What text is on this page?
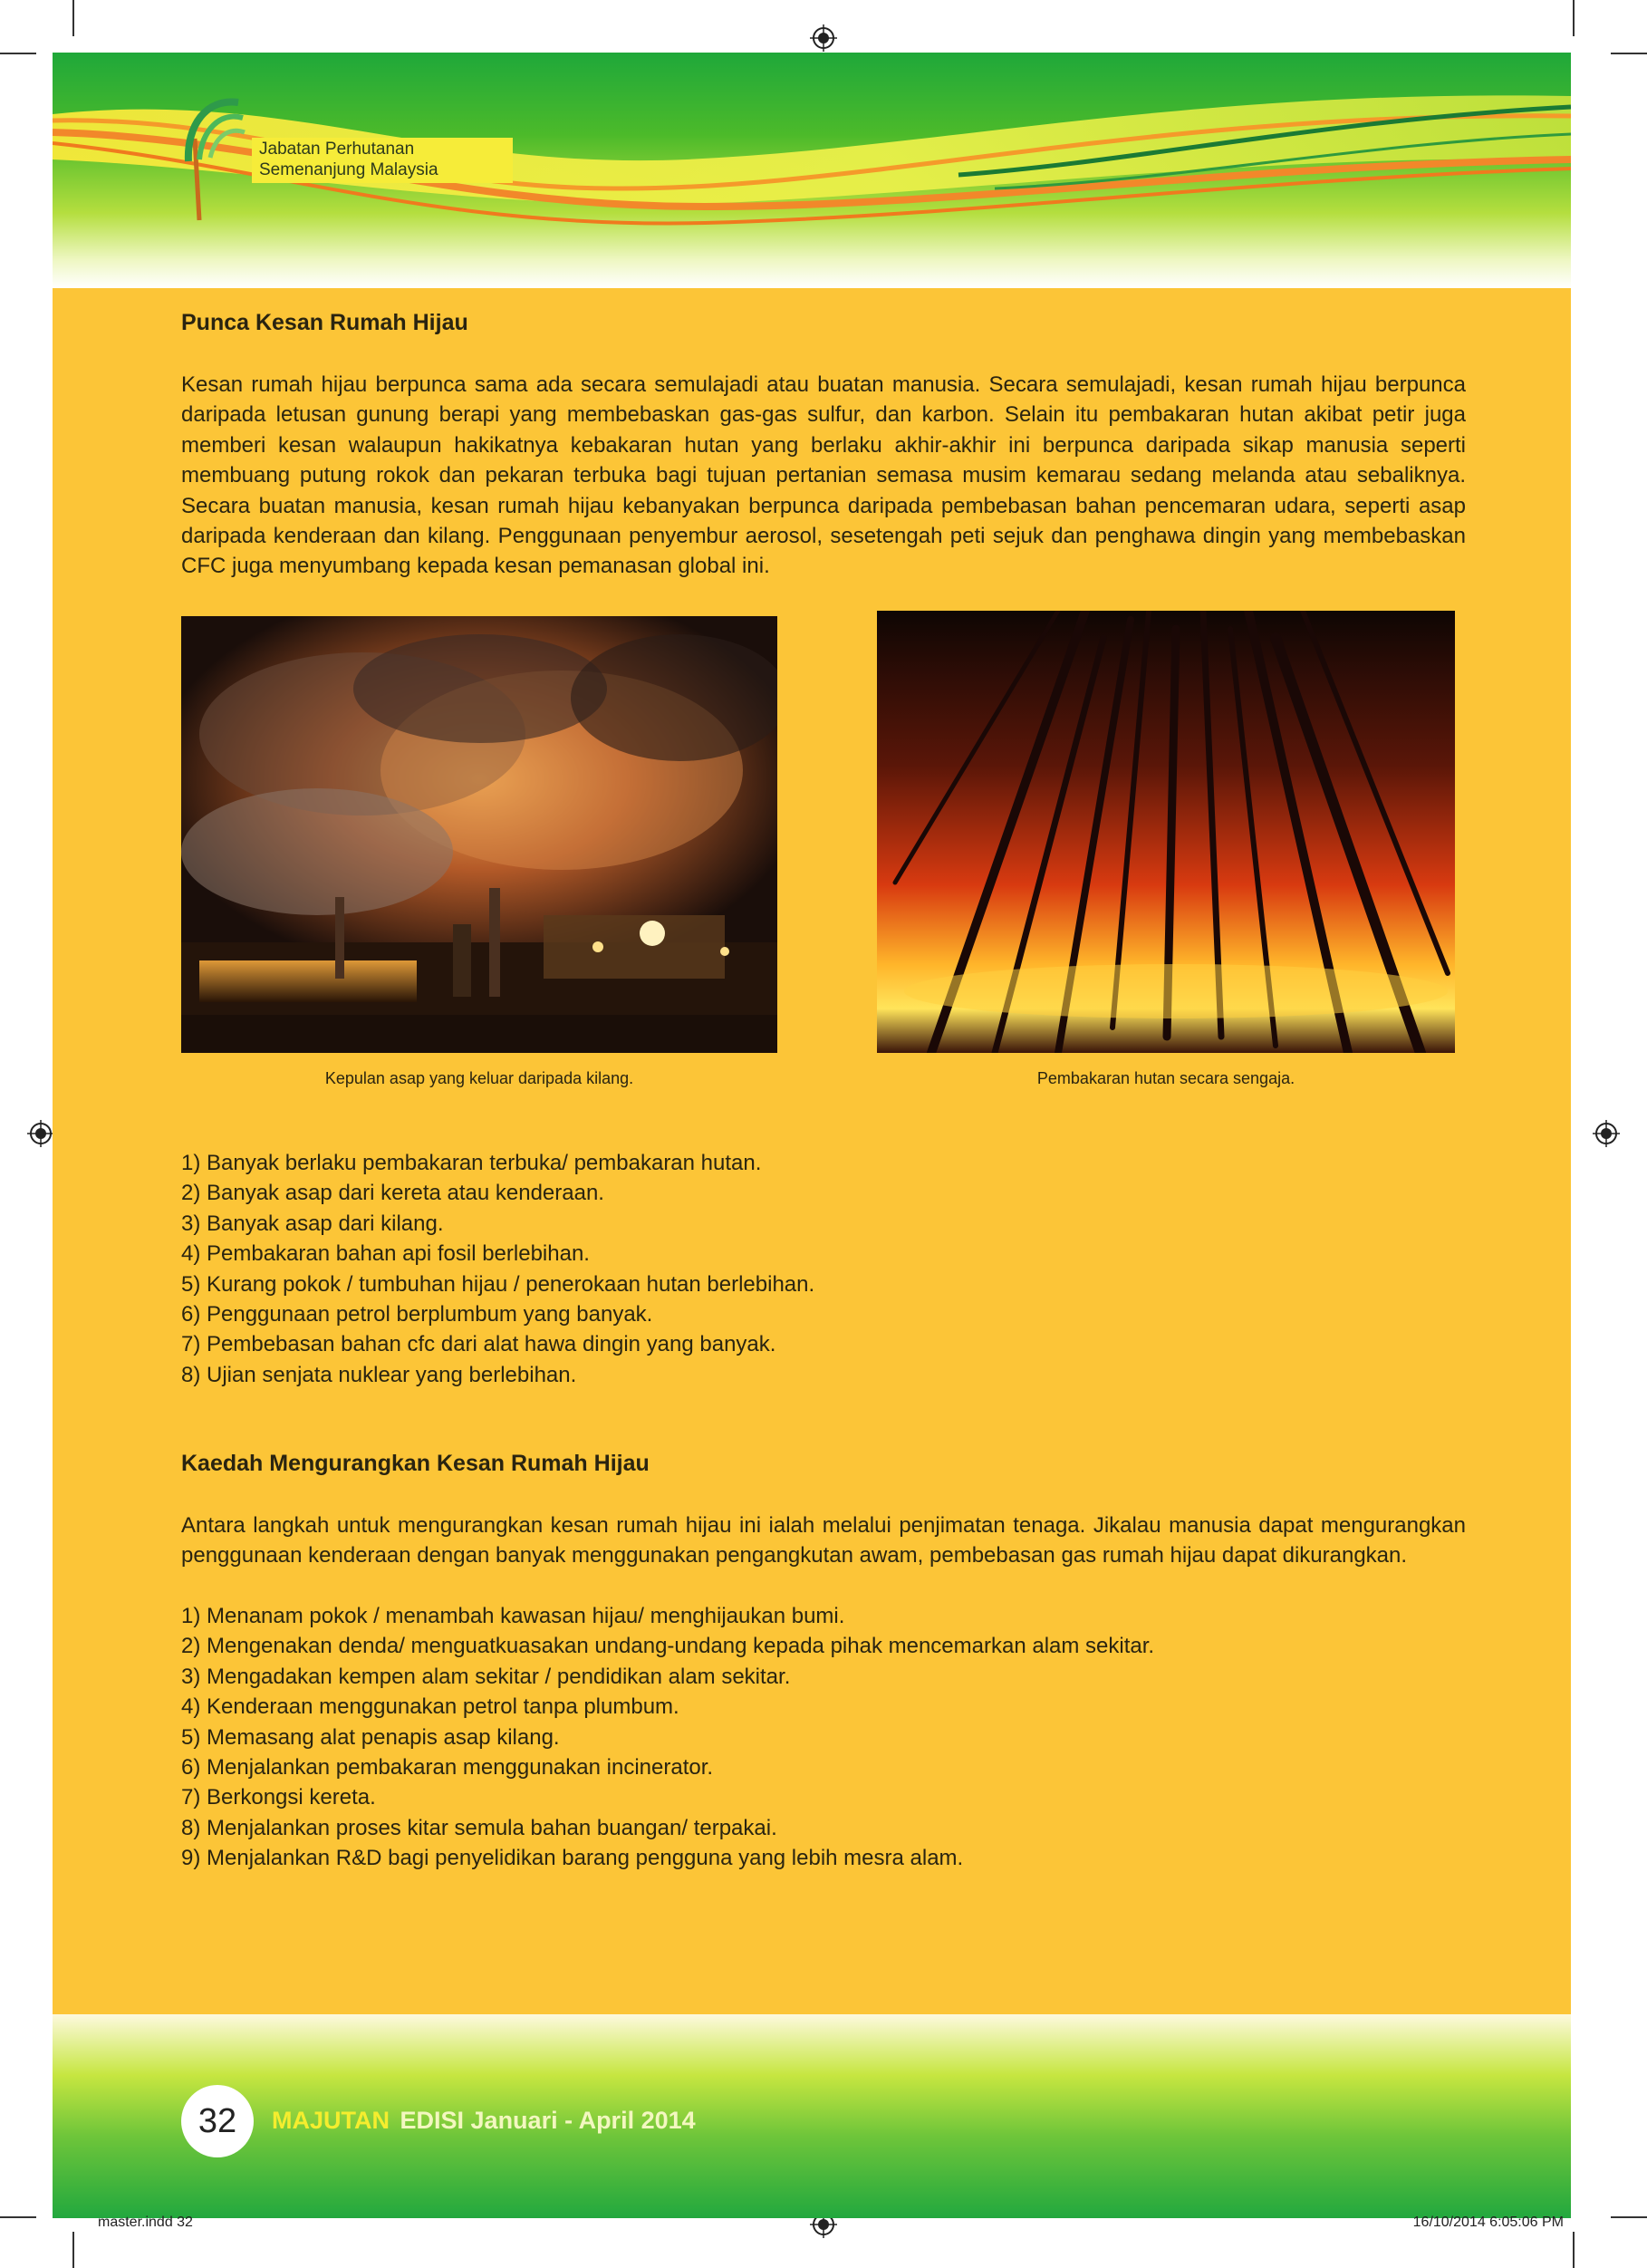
Jabatan Perhutanan
Semenanjung Malaysia
Punca Kesan Rumah Hijau
Kesan rumah hijau berpunca sama ada secara semulajadi atau buatan manusia. Secara semulajadi, kesan rumah hijau berpunca daripada letusan gunung berapi yang membebaskan gas-gas sulfur, dan karbon. Selain itu pembakaran hutan akibat petir juga memberi kesan walaupun hakikatnya kebakaran hutan yang berlaku akhir-akhir ini berpunca daripada sikap manusia seperti membuang putung rokok dan pekaran terbuka bagi tujuan pertanian semasa musim kemarau sedang melanda atau sebaliknya. Secara buatan manusia, kesan rumah hijau kebanyakan berpunca daripada pembebasan bahan pencemaran udara, seperti asap daripada kenderaan dan kilang. Penggunaan penyembur aerosol, sesetengah peti sejuk dan penghawa dingin yang membebaskan CFC juga menyumbang kepada kesan pemanasan global ini.
Kepulan asap yang keluar daripada kilang.	Pembakaran hutan secara sengaja.
1) Banyak berlaku pembakaran terbuka/ pembakaran hutan.
2) Banyak asap dari kereta atau kenderaan.
3) Banyak asap dari kilang.
4) Pembakaran bahan api fosil berlebihan.
5) Kurang pokok / tumbuhan hijau / penerokaan hutan berlebihan.
6) Penggunaan petrol berplumbum yang banyak.
7) Pembebasan bahan cfc dari alat hawa dingin yang banyak.
8) Ujian senjata nuklear yang berlebihan.
Kaedah Mengurangkan Kesan Rumah Hijau
Antara langkah untuk mengurangkan kesan rumah hijau ini ialah melalui penjimatan tenaga. Jikalau manusia dapat mengurangkan penggunaan kenderaan dengan banyak menggunakan pengangkutan awam, pembebasan gas rumah hijau dapat dikurangkan.
1) Menanam pokok / menambah kawasan hijau/ menghijaukan bumi.
2) Mengenakan denda/ menguatkuasakan undang-undang kepada pihak mencemarkan alam sekitar.
3) Mengadakan kempen alam sekitar / pendidikan alam sekitar.
4) Kenderaan menggunakan petrol tanpa plumbum.
5) Memasang alat penapis asap kilang.
6) Menjalankan pembakaran menggunakan incinerator.
7) Berkongsi kereta.
8) Menjalankan proses kitar semula bahan buangan/ terpakai.
9) Menjalankan R&D bagi penyelidikan barang pengguna yang lebih mesra alam.
32	MAJUTAN EDISI Januari - April 2014
master.indd 32	16/10/2014 6:05:06 PM
